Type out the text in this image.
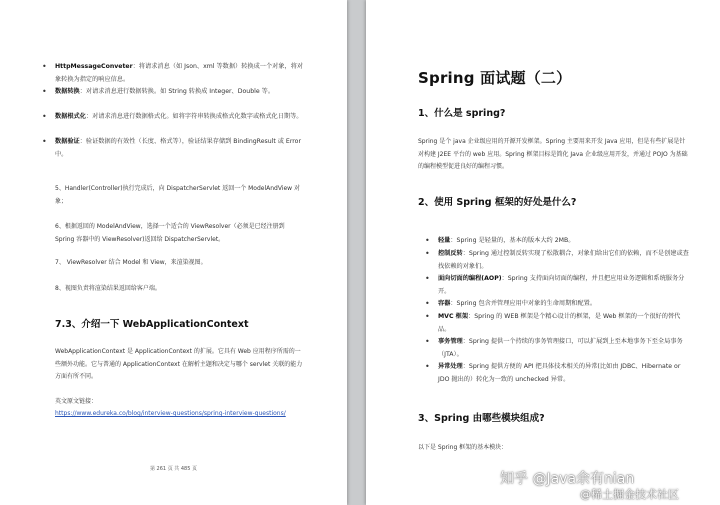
• HttpMessageConveter：将请求消息（如 Json、xml 等数据）转换成一个对象，将对象转换为指定的响应信息。
• 数据转换：对请求消息进行数据转换。如 String 转换成 Integer、Double 等。
• 数据根式化：对请求消息进行数据格式化。如将字符串转换成格式化数字或格式化日期等。
• 数据验证：验证数据的有效性（长度、格式等），验证结果存储到 BindingResult 或 Error 中。
5、Handler(Controller)执行完成后，向 DispatcherServlet 返回一个 ModelAndView 对象；
6、根据返回的 ModelAndView，选择一个适合的 ViewResolver（必须是已经注册到 Spring 容器中的 ViewResolver)返回给 DispatcherServlet。
7、 ViewResolver 结合 Model 和 View，来渲染视图。
8、视图负责将渲染结果返回给客户端。
7.3、介绍一下 WebApplicationContext
WebApplicationContext 是 ApplicationContext 的扩展。它具有 Web 应用程序所需的一些额外功能。它与普通的 ApplicationContext 在解析主题和决定与哪个 servlet 关联的能力方面有所不同。
英文原文链接：
https://www.edureka.co/blog/interview-questions/spring-interview-questions/
第 261 页 共 485 页
Spring 面试题（二）
1、什么是 spring?
Spring 是个 java 企业级应用的开源开发框架。Spring 主要用来开发 Java 应用，但是有些扩展是针对构建 J2EE 平台的 web 应用。Spring 框架目标是简化 Java 企业级应用开发，并通过 POJO 为基础的编程模型促进良好的编程习惯。
2、使用 Spring 框架的好处是什么?
• 轻量：Spring 是轻量的，基本的版本大约 2MB。
• 控制反转：Spring 通过控制反转实现了松散耦合，对象们给出它们的依赖，而不是创建或查找依赖的对象们。
• 面向切面的编程(AOP)：Spring 支持面向切面的编程，并且把应用业务逻辑和系统服务分开。
• 容器：Spring 包含并管理应用中对象的生命周期和配置。
• MVC 框架：Spring 的 WEB 框架是个精心设计的框架，是 Web 框架的一个很好的替代品。
• 事务管理：Spring 提供一个持续的事务管理接口，可以扩展到上至本地事务下至全局事务（JTA）。
• 异常处理：Spring 提供方便的 API 把具体技术相关的异常(比如由 JDBC、Hibernate or JDO 抛出的）转化为一致的 unchecked 异常。
3、Spring 由哪些模块组成?
以下是 Spring 框架的基本模块：
知乎 @Java余有nian
@稀土掘金技术社区
